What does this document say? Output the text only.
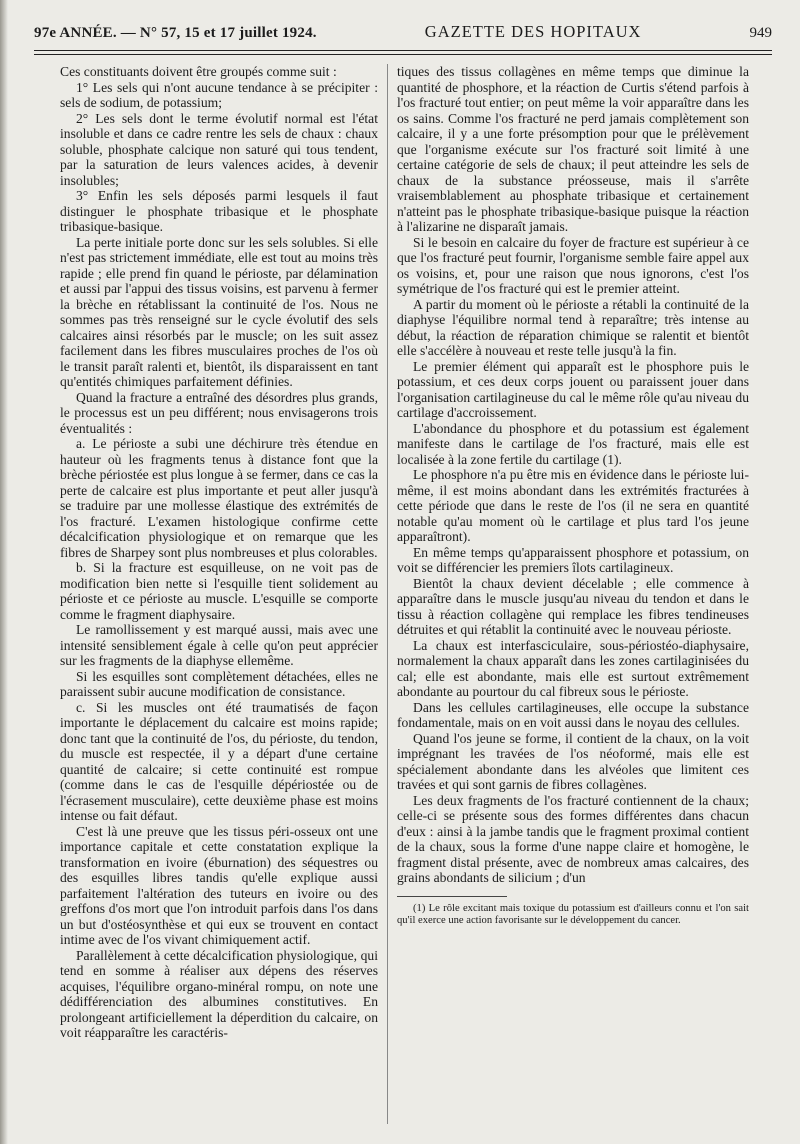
97e ANNÉE. — N° 57, 15 et 17 juillet 1924.	GAZETTE DES HOPITAUX	949

Ces constituants doivent être groupés comme suit :

1° Les sels qui n'ont aucune tendance à se précipiter : sels de sodium, de potassium;

2° Les sels dont le terme évolutif normal est l'état insoluble et dans ce cadre rentre les sels de chaux : chaux soluble, phosphate calcique non saturé qui tous tendent, par la saturation de leurs valences acides, à devenir insolubles;

3° Enfin les sels déposés parmi lesquels il faut distinguer le phosphate tribasique et le phosphate tribasique-basique.

La perte initiale porte donc sur les sels solubles. Si elle n'est pas strictement immédiate, elle est tout au moins très rapide ; elle prend fin quand le périoste, par délamination et aussi par l'appui des tissus voisins, est parvenu à fermer la brèche en rétablissant la continuité de l'os. Nous ne sommes pas très renseigné sur le cycle évolutif des sels calcaires ainsi résorbés par le muscle; on les suit assez facilement dans les fibres musculaires proches de l'os où le transit paraît ralenti et, bientôt, ils disparaissent en tant qu'entités chimiques parfaitement définies.

Quand la fracture a entraîné des désordres plus grands, le processus est un peu différent; nous envisagerons trois éventualités :

a. Le périoste a subi une déchirure très étendue en hauteur où les fragments tenus à distance font que la brèche périostée est plus longue à se fermer, dans ce cas la perte de calcaire est plus importante et peut aller jusqu'à se traduire par une mollesse élastique des extrémités de l'os fracturé. L'examen histologique confirme cette décalcification physiologique et on remarque que les fibres de Sharpey sont plus nombreuses et plus colorables.

b. Si la fracture est esquilleuse, on ne voit pas de modification bien nette si l'esquille tient solidement au périoste et ce périoste au muscle. L'esquille se comporte comme le fragment diaphysaire.

Le ramollissement y est marqué aussi, mais avec une intensité sensiblement égale à celle qu'on peut apprécier sur les fragments de la diaphyse ellemême.

Si les esquilles sont complètement détachées, elles ne paraissent subir aucune modification de consistance.

c. Si les muscles ont été traumatisés de façon importante le déplacement du calcaire est moins rapide; donc tant que la continuité de l'os, du périoste, du tendon, du muscle est respectée, il y a départ d'une certaine quantité de calcaire; si cette continuité est rompue (comme dans le cas de l'esquille dépériostée ou de l'écrasement musculaire), cette deuxième phase est moins intense ou fait défaut.

C'est là une preuve que les tissus péri-osseux ont une importance capitale et cette constatation explique la transformation en ivoire (éburnation) des séquestres ou des esquilles libres tandis qu'elle explique aussi parfaitement l'altération des tuteurs en ivoire ou des greffons d'os mort que l'on introduit parfois dans l'os dans un but d'ostéosynthèse et qui eux se trouvent en contact intime avec de l'os vivant chimiquement actif.

Parallèlement à cette décalcification physiologique, qui tend en somme à réaliser aux dépens des réserves acquises, l'équilibre organo-minéral rompu, on note une dédifférenciation des albumines constitutives. En prolongeant artificiellement la déperdition du calcaire, on voit réapparaître les caractéris-

tiques des tissus collagènes en même temps que diminue la quantité de phosphore, et la réaction de Curtis s'étend parfois à l'os fracturé tout entier; on peut même la voir apparaître dans les os sains. Comme l'os fracturé ne perd jamais complètement son calcaire, il y a une forte présomption pour que le prélèvement que l'organisme exécute sur l'os fracturé soit limité à une certaine catégorie de sels de chaux; il peut atteindre les sels de chaux de la substance préosseuse, mais il s'arrête vraisemblablement au phosphate tribasique et certainement n'atteint pas le phosphate tribasique-basique puisque la réaction à l'alizarine ne disparaît jamais.

Si le besoin en calcaire du foyer de fracture est supérieur à ce que l'os fracturé peut fournir, l'organisme semble faire appel aux os voisins, et, pour une raison que nous ignorons, c'est l'os symétrique de l'os fracturé qui est le premier atteint.

A partir du moment où le périoste a rétabli la continuité de la diaphyse l'équilibre normal tend à reparaître; très intense au début, la réaction de réparation chimique se ralentit et bientôt elle s'accélère à nouveau et reste telle jusqu'à la fin.

Le premier élément qui apparaît est le phosphore puis le potassium, et ces deux corps jouent ou paraissent jouer dans l'organisation cartilagineuse du cal le même rôle qu'au niveau du cartilage d'accroissement.

L'abondance du phosphore et du potassium est également manifeste dans le cartilage de l'os fracturé, mais elle est localisée à la zone fertile du cartilage (1).

Le phosphore n'a pu être mis en évidence dans le périoste lui-même, il est moins abondant dans les extrémités fracturées à cette période que dans le reste de l'os (il ne sera en quantité notable qu'au moment où le cartilage et plus tard l'os jeune apparaîtront).

En même temps qu'apparaissent phosphore et potassium, on voit se différencier les premiers îlots cartilagineux.

Bientôt la chaux devient décelable ; elle commence à apparaître dans le muscle jusqu'au niveau du tendon et dans le tissu à réaction collagène qui remplace les fibres tendineuses détruites et qui rétablit la continuité avec le nouveau périoste.

La chaux est interfasciculaire, sous-périostéo-diaphysaire, normalement la chaux apparaît dans les zones cartilaginisées du cal; elle est abondante, mais elle est surtout extrêmement abondante au pourtour du cal fibreux sous le périoste.

Dans les cellules cartilagineuses, elle occupe la substance fondamentale, mais on en voit aussi dans le noyau des cellules.

Quand l'os jeune se forme, il contient de la chaux, on la voit imprégnant les travées de l'os néoformé, mais elle est spécialement abondante dans les alvéoles que limitent ces travées et qui sont garnis de fibres collagènes.

Les deux fragments de l'os fracturé contiennent de la chaux; celle-ci se présente sous des formes différentes dans chacun d'eux : ainsi à la jambe tandis que le fragment proximal contient de la chaux, sous la forme d'une nappe claire et homogène, le fragment distal présente, avec de nombreux amas calcaires, des grains abondants de silicium ; d'un

(1) Le rôle excitant mais toxique du potassium est d'ailleurs connu et l'on sait qu'il exerce une action favorisante sur le développement du cancer.
